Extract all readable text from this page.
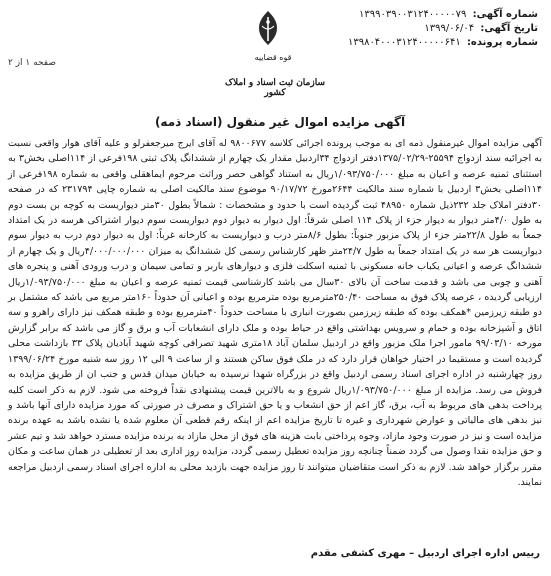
شماره آگهی: ۱۳۹۹۰۳۹۰۰۳۱۲۴۰۰۰۰۰۷۹
تاریخ آگهی: ۱۳۹۹/۰۶/۰۴
شماره پرونده: ۱۳۹۸۰۴۰۰۰۳۱۲۴۰۰۰۰۰۶۴۱
قوه قضاییه
سازمان ثبت اسناد و املاک کشور
صفحه ۱ از ۲
آگهی مزایده اموال غیر منقول (اسناد ذمه)

آگهی مزایده اموال غیرمنقول ذمه ای به موجب پرونده اجرائی کلاسه ۹۸۰۰۶۷۷ له آقای ایرج میرجعفرلو و علیه آقای هوار واقعی نسبت به اجرائیه سند ازدواج ۲۵۵۹۴-۱۳۷۵/۰۲/۲۹دفتر ازدواج ۳۴اردبیل مقدار یک چهارم از ششدانگ پلاک ثبتی ۱۹۸فرعی از ۱۱۴اصلی بخش۳ به استثنای ثمنیه عرصه و اعیان به مبلغ ۱/۰۹۳/۷۵۰/۰۰۰ریال به استناد گواهی حصر وراثت مرحوم ایماهقلی واقعی به شماره ۱۹۸فرعی از ۱۱۴اصلی بخش۳ اردبیل با شماره سند مالکیت ۲۶۴۴مورخ ۹۰/۱۷/۷۲ موضوع سند مالکیت اصلی به شماره چاپی ۲۳۱۷۹۴ که در صفحه ۳۰دفتر املاک جلد ۲۳۲ذیل شماره ۴۸۹۵۰ ثبت گردیده است با حدود و مشخصات : شمالاً بطول ۳۰متر دیواریست به کوچه بن بست دوم به طول ۴/۰متر دیوار به دیوار جزء از پلاک ۱۱۴ اصلی شرقاً: اول دیوار به دیوار دوم دیواریست سوم دیوار اشتراکی هرسه در یک امتداد جمعاً به طول ۲۲/۸متر جزء از پلاک مزبور جنوباً: بطول ۸/۶متر درب و دیواریست به کارخانه غرباً: اول به دیوار دوم درب به دیوار سوم دیواریست هر سه در یک امتداد جمعاً به طول ۲۴/۷متر ظهر کارشناس رسمی کل ششدانگ به میزان ۴/۰۰۰/۰۰۰/۰۰۰ریال و یک چهارم از ششدانگ عرصه و اعیانی یکباب خانه مسکونی با ثمنیه اسکلت فلزی و دیوارهای باربر و تمامی سیمان و درب ورودی آهنی و پنجره های آهنی و چوبی می باشد و قدمت ساخت آن بالای ۳۰سال می باشد کارشناسی قیمت ثمنیه عرصه و اعیان به مبلغ ۱/۰۹۳/۷۵۰/۰۰۰ریال ارزیابی گردیده ، عرصه پلاک فوق به مساحت ۲۵۰/۴۰مترمربع بوده مترمربع بوده و اعیانی آن حدوداً ۱۶۰متر مربع می باشد که مشتمل بر دو طبقه زیرزمین *همکف بوده که طبقه زیرزمین بصورت انباری با مساحت حدوداً ۴۰مترمربع بوده و طبقه همکف نیز دارای راهرو و سه اتاق و آشپزخانه بوده و حمام و سرویس بهداشتی واقع در حیاط بوده و ملک دارای انشعابات آب و برق و گاز می باشد که برابر گزارش مورخه ۹۹/۰۳/۱۰ مامور اجرا ملک مزبور واقع در اردبیل سلمان آباد ۱۸متری شهید تصرافی کوچه شهید آبادیان پلاک ۳۳ بازداشت محلی گردیده است و مستقیما در اختیار خواهان قرار دارد که در ملک فوق ساکن هستند و از ساعت ۹ الی ۱۲ روز سه شنبه مورخ ۱۳۹۹/۰۶/۲۴ روز چهارشنبه در اداره اجرای اسناد رسمی اردبیل واقع در بزرگراه شهدا نرسیده به خیابان میدان قدس و جنب ان از طریق مزایده به فروش می رسد. مزایده از مبلغ ۱/۰۹۳/۷۵۰/۰۰۰ریال شروع و به بالاترین قیمت پیشنهادی نقداً فروخته می شود. لازم به ذکر است کلیه پرداخت بدهی های مربوط به آب، برق، گاز اعم از حق انشعاب و یا حق اشتراک و مصرف در صورتی که مورد مزایده دارای آنها باشد و نیز بدهی های مالیاتی و عوارض شهرداری و غیره تا تاریخ مزایده اعم از اینکه رقم قطعی آن معلوم شده یا نشده باشد به عهده برنده مزایده است و نیز در صورت وجود مازاد، وجوه پرداختی بابت هزینه های فوق از محل مازاد به برنده مزایده مسترد خواهد شد و تیم عشر و حق مزایده نقدا وصول می گردد ضمناً چنانچه روز مزایده تعطیل رسمی گردد، مزایده روز اداری بعد از تعطیلی در همان ساعت و مکان مقرر برگزار خواهد شد. لازم به ذکر است متقاضیان میتوانند تا روز مزایده جهت بازدید محلی به اداره اجرای اسناد رسمی اردبیل مراجعه نمایند.

رییس اداره اجرای اردبیل – مهری کشفی مقدم
